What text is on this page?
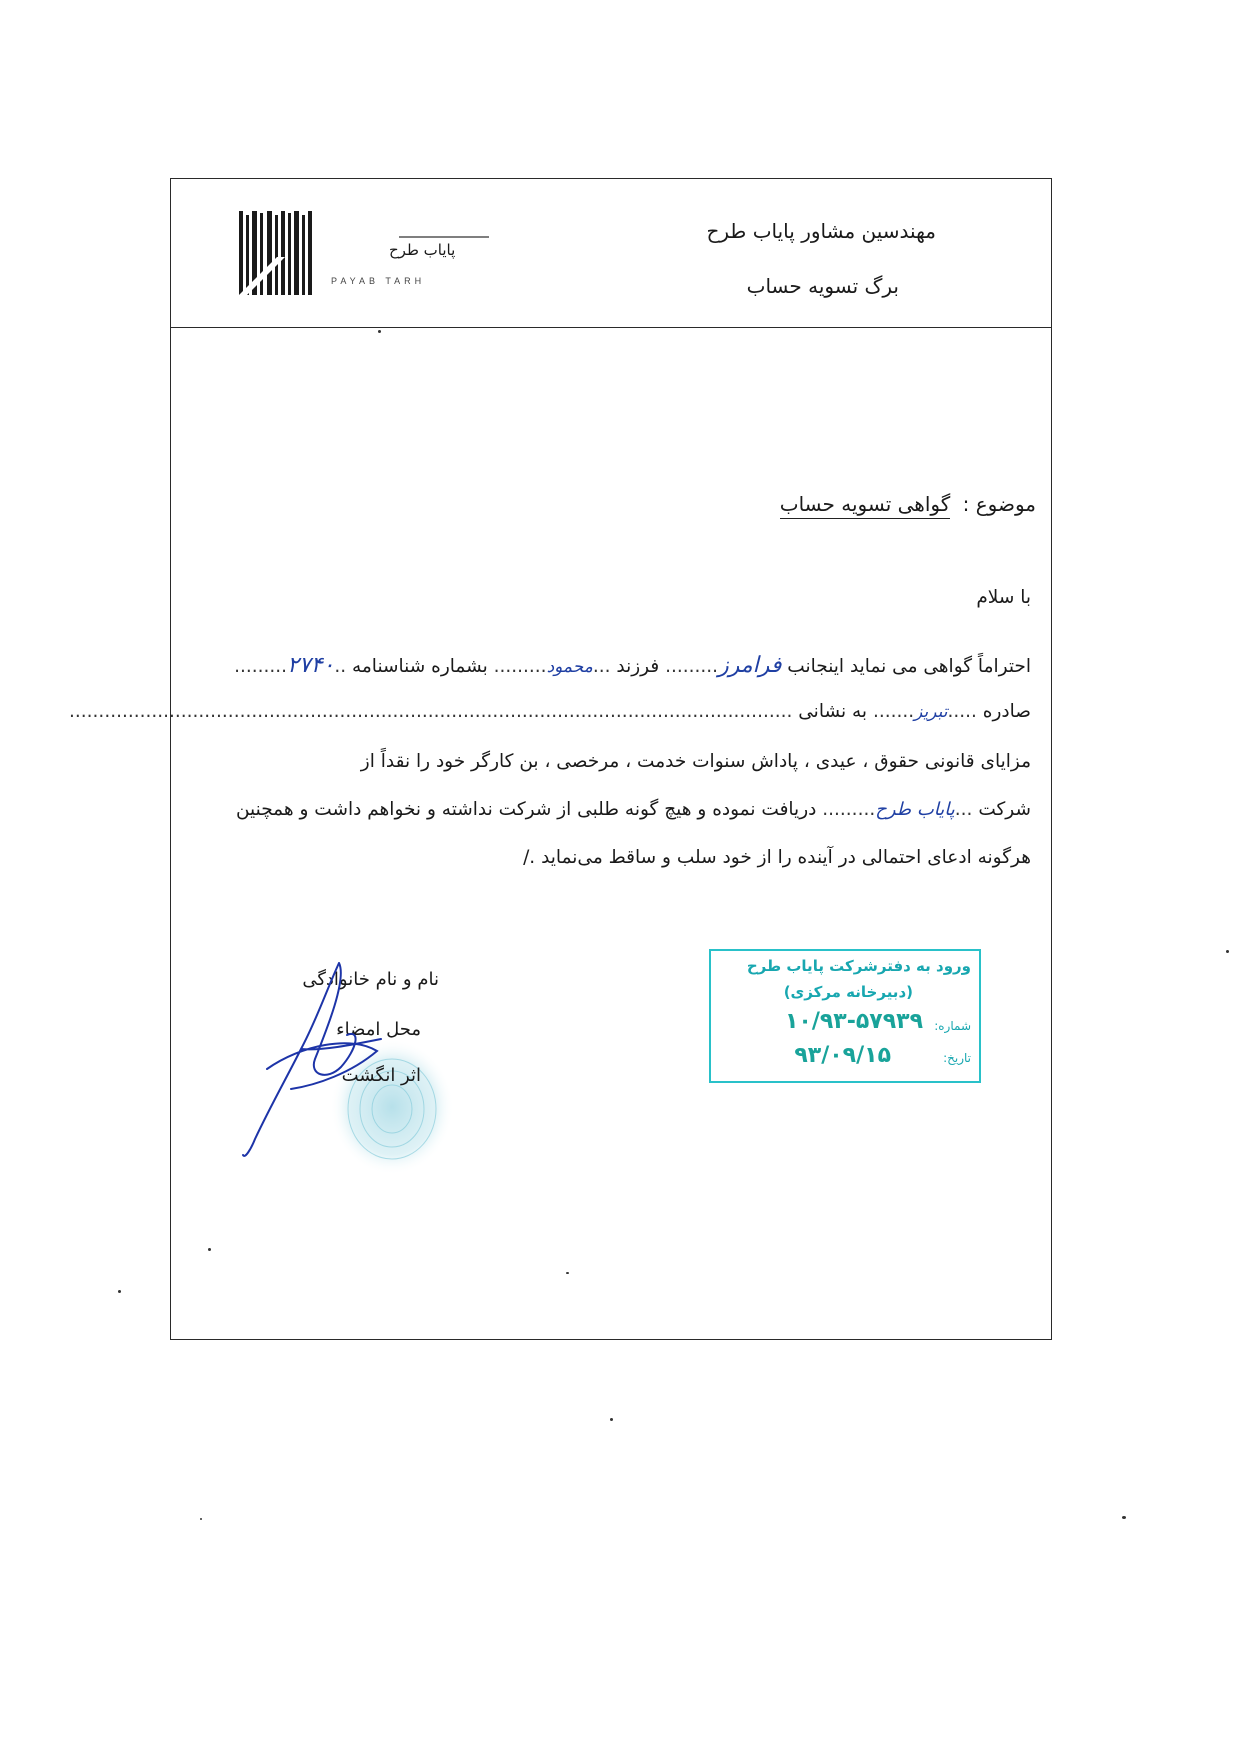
مهندسین مشاور پایاب طرح
برگ تسویه حساب
پایاب طرح
PAYAB TARH
موضوع : گواهی تسویه حساب
با سلام
احتراماً گواهی می نماید اینجانب فرامرز......... فرزند ...محمود......... بشماره شناسنامه ..۲۷۴۰.........
صادره .....تبریز....... به نشانی ...........................................................................................................................
مزایای قانونی حقوق ، عیدی ، پاداش سنوات خدمت ، مرخصی ، بن کارگر خود را نقداً از
شرکت ...پایاب طرح......... دریافت نموده و هیچ گونه طلبی از شرکت نداشته و نخواهم داشت و همچنین
هرگونه ادعای احتمالی در آینده را از خود سلب و ساقط می‌نماید ./
نام و نام خانوادگی
محل امضاء
اثر انگشت
ورود به دفترشرکت پایاب طرح
(دبیرخانه مرکزی)
شماره:
۱۰/۹۳-۵۷۹۳۹
تاریخ:
۹۳/۰۹/۱۵
